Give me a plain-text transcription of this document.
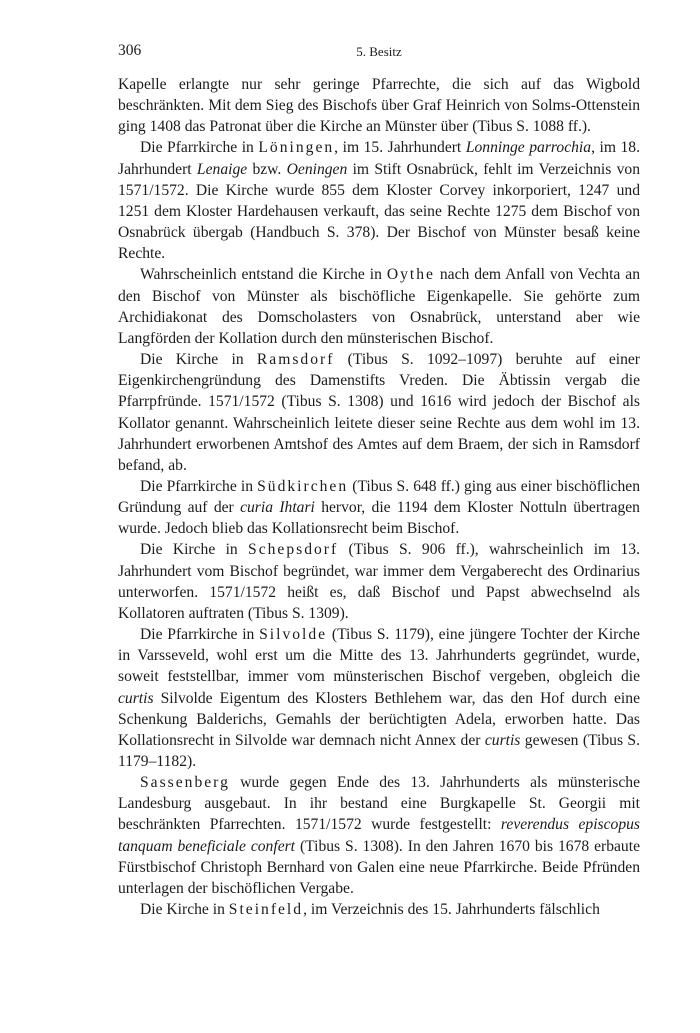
306	5. Besitz

Kapelle erlangte nur sehr geringe Pfarrechte, die sich auf das Wigbold beschränkten. Mit dem Sieg des Bischofs über Graf Heinrich von Solms-Ottenstein ging 1408 das Patronat über die Kirche an Münster über (Tibus S. 1088 ff.).

Die Pfarrkirche in Löningen, im 15. Jahrhundert Lonninge parrochia, im 18. Jahrhundert Lenaige bzw. Oeningen im Stift Osnabrück, fehlt im Verzeichnis von 1571/1572. Die Kirche wurde 855 dem Kloster Corvey inkorporiert, 1247 und 1251 dem Kloster Hardehausen verkauft, das seine Rechte 1275 dem Bischof von Osnabrück übergab (Handbuch S. 378). Der Bischof von Münster besaß keine Rechte.

Wahrscheinlich entstand die Kirche in Oythe nach dem Anfall von Vechta an den Bischof von Münster als bischöfliche Eigenkapelle. Sie gehörte zum Archidiakonat des Domscholasters von Osnabrück, unterstand aber wie Langförden der Kollation durch den münsterischen Bischof.

Die Kirche in Ramsdorf (Tibus S. 1092–1097) beruhte auf einer Eigenkirchengründung des Damenstifts Vreden. Die Äbtissin vergab die Pfarrpfründe. 1571/1572 (Tibus S. 1308) und 1616 wird jedoch der Bischof als Kollator genannt. Wahrscheinlich leitete dieser seine Rechte aus dem wohl im 13. Jahrhundert erworbenen Amtshof des Amtes auf dem Braem, der sich in Ramsdorf befand, ab.

Die Pfarrkirche in Südkirchen (Tibus S. 648 ff.) ging aus einer bischöflichen Gründung auf der curia Ihtari hervor, die 1194 dem Kloster Nottuln übertragen wurde. Jedoch blieb das Kollationsrecht beim Bischof.

Die Kirche in Schepsdorf (Tibus S. 906 ff.), wahrscheinlich im 13. Jahrhundert vom Bischof begründet, war immer dem Vergaberecht des Ordinarius unterworfen. 1571/1572 heißt es, daß Bischof und Papst abwechselnd als Kollatoren auftraten (Tibus S. 1309).

Die Pfarrkirche in Silvolde (Tibus S. 1179), eine jüngere Tochter der Kirche in Varsseveld, wohl erst um die Mitte des 13. Jahrhunderts gegründet, wurde, soweit feststellbar, immer vom münsterischen Bischof vergeben, obgleich die curtis Silvolde Eigentum des Klosters Bethlehem war, das den Hof durch eine Schenkung Balderichs, Gemahls der berüchtigten Adela, erworben hatte. Das Kollationsrecht in Silvolde war demnach nicht Annex der curtis gewesen (Tibus S. 1179–1182).

Sassenberg wurde gegen Ende des 13. Jahrhunderts als münsterische Landesburg ausgebaut. In ihr bestand eine Burgkapelle St. Georgii mit beschränkten Pfarrechten. 1571/1572 wurde festgestellt: reverendus episcopus tanquam beneficiale confert (Tibus S. 1308). In den Jahren 1670 bis 1678 erbaute Fürstbischof Christoph Bernhard von Galen eine neue Pfarrkirche. Beide Pfründen unterlagen der bischöflichen Vergabe.

Die Kirche in Steinfeld, im Verzeichnis des 15. Jahrhunderts fälschlich
